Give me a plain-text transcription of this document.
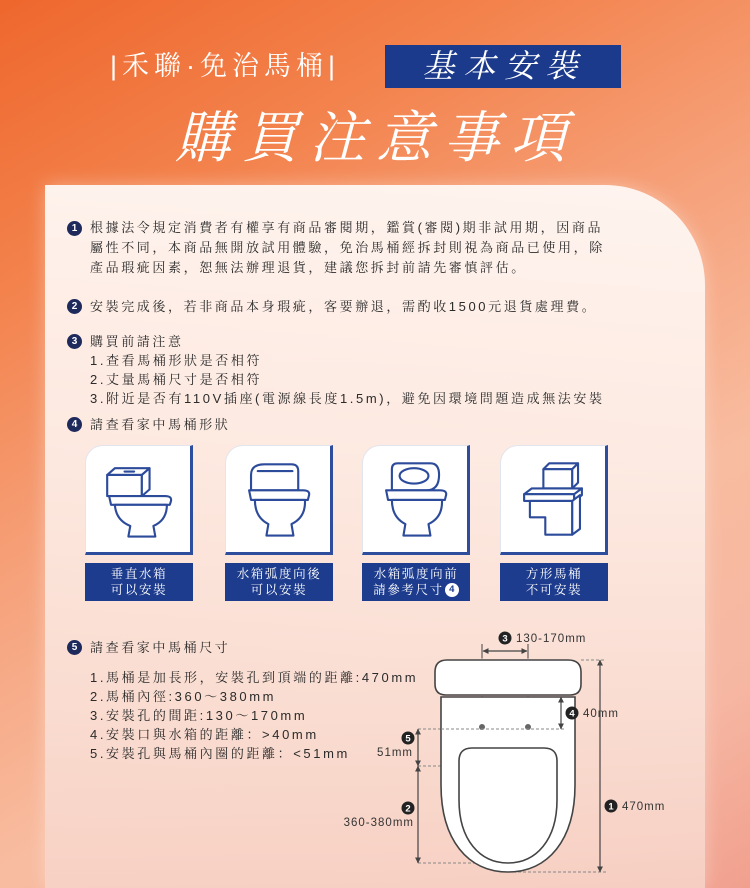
|禾聯·免治馬桶|	基本安裝
購買注意事項
1 根據法令規定消費者有權享有商品審閱期，鑑賞(審閱)期非試用期，因商品
屬性不同，本商品無開放試用體驗，免治馬桶經拆封則視為商品已使用，除
產品瑕疵因素，恕無法辦理退貨，建議您拆封前請先審慎評估。
2 安裝完成後，若非商品本身瑕疵，客要辦退，需酌收1500元退貨處理費。
3 購買前請注意
1.查看馬桶形狀是否相符
2.丈量馬桶尺寸是否相符
3.附近是否有110V插座(電源線長度1.5m)，避免因環境問題造成無法安裝
4 請查看家中馬桶形狀
垂直水箱
可以安裝
水箱弧度向後
可以安裝
水箱弧度向前
請參考尺寸 4
方形馬桶
不可安裝
5 請查看家中馬桶尺寸
1.馬桶是加長形，安裝孔到頂端的距離:470mm
2.馬桶內徑:360～380mm
3.安裝孔的間距:130～170mm
4.安裝口與水箱的距離：>40mm
5.安裝孔與馬桶內圈的距離：<51mm
3 130-170mm
4 40mm
5
51mm
2
360-380mm
1 470mm
